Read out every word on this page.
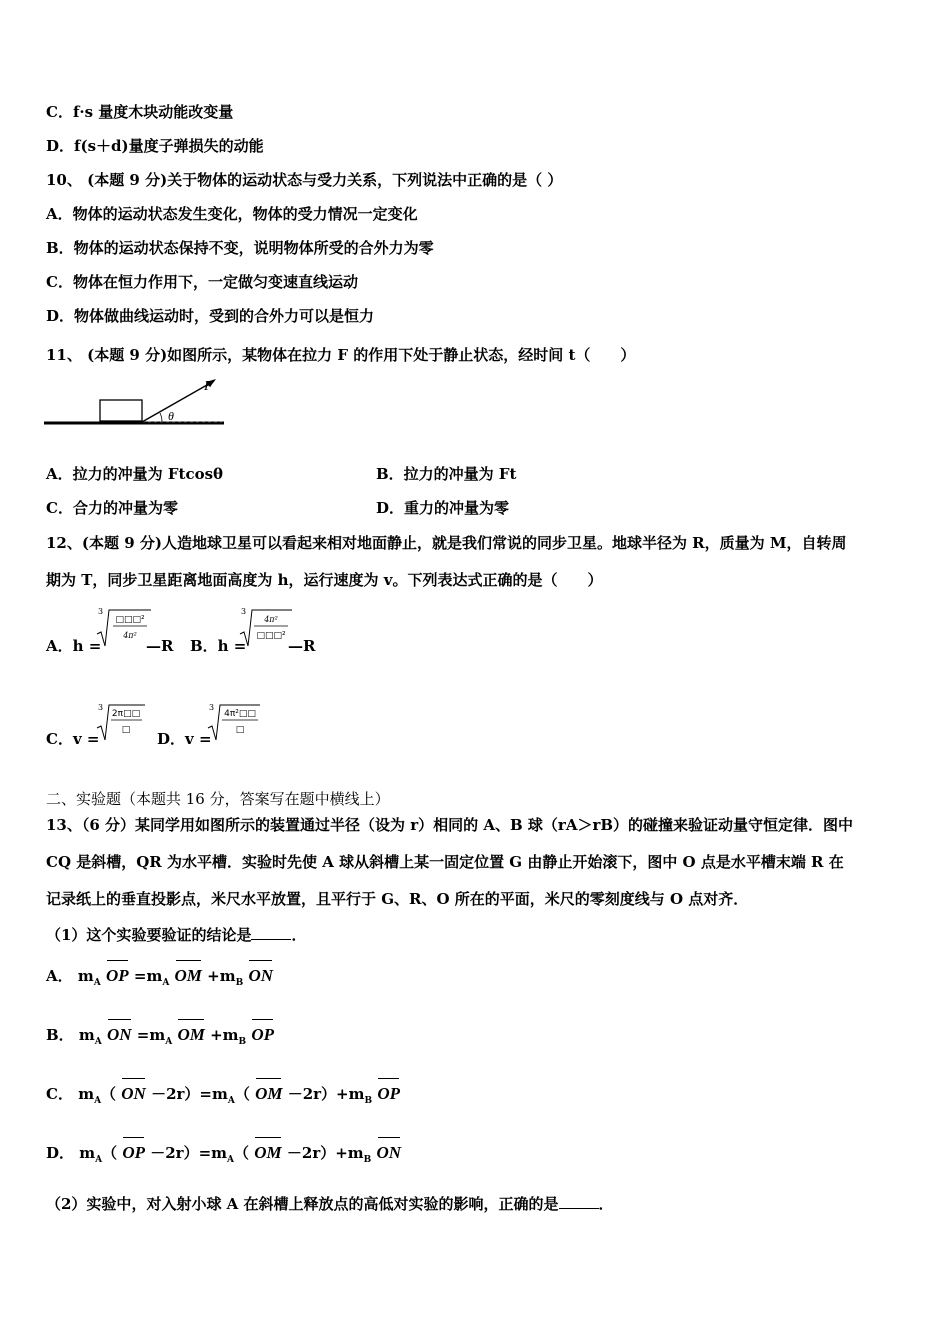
C．f·s 量度木块动能改变量
D．f(s＋d)量度子弹损失的动能
10、 (本题 9 分)关于物体的运动状态与受力关系，下列说法中正确的是（ ）
A．物体的运动状态发生变化，物体的受力情况一定变化
B．物体的运动状态保持不变，说明物体所受的合外力为零
C．物体在恒力作用下，一定做匀变速直线运动
D．物体做曲线运动时，受到的合外力可以是恒力
11、 (本题 9 分)如图所示，某物体在拉力 F 的作用下处于静止状态，经时间 t（　　）
θ
F
A．拉力的冲量为 Ftcosθ	B．拉力的冲量为 Ft
C．合力的冲量为零	D．重力的冲量为零
12、(本题 9 分)人造地球卫星可以看起来相对地面静止，就是我们常说的同步卫星。地球半径为 R，质量为 M，自转周
期为 T，同步卫星距离地面高度为 h，运行速度为 v。下列表达式正确的是（　　）
A．h =
3
□□□²
4π²
—R B．h =
3
4π²
□□□²
—R
C．v =
3
2π□□
□ D．v =
3
4π²□□
□
二、实验题（本题共 16 分，答案写在题中横线上）
13、（6 分）某同学用如图所示的装置通过半径（设为 r）相同的 A、B 球（rA＞rB）的碰撞来验证动量守恒定律．图中
CQ 是斜槽，QR 为水平槽．实验时先使 A 球从斜槽上某一固定位置 G 由静止开始滚下，图中 O 点是水平槽末端 R 在
记录纸上的垂直投影点，米尺水平放置，且平行于 G、R、O 所在的平面，米尺的零刻度线与 O 点对齐．
（1）这个实验要验证的结论是	．
A． $m_A$ OP $=m_A$ OM $+m_B$ ON
B． $m_A$ ON $=m_A$ OM $+m_B$ OP
C． $m_A$（ ON $-2r)=m_A$（ OM $-2r)+m_B$ OP
D． $m_A$（ OP $-2r)=m_A$（ OM $-2r)+m_B$ ON
（2）实验中，对入射小球 A 在斜槽上释放点的高低对实验的影响，正确的是	．
